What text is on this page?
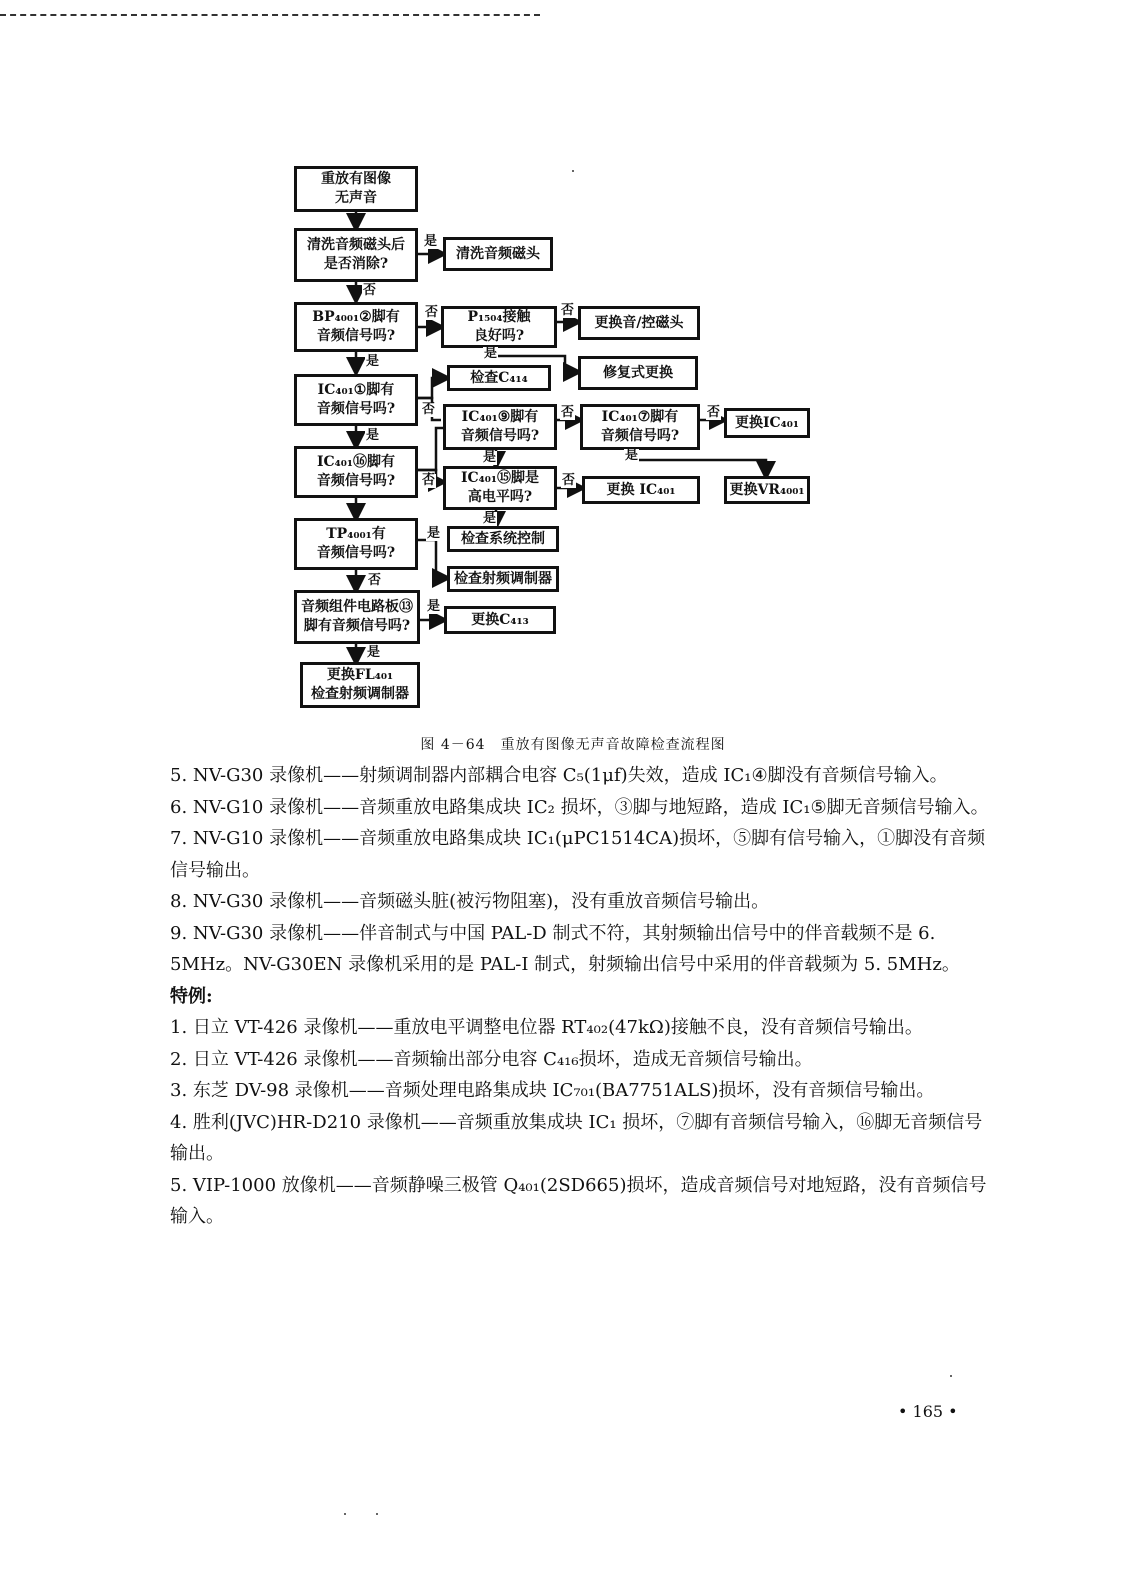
重放有图像
无声音
清洗音频磁头后
是否消除?
清洗音频磁头
BP₄₀₀₁②脚有
音频信号吗?
P₁₅₀₄接触
良好吗?
更换音/控磁头
修复式更换
IC₄₀₁①脚有
音频信号吗?
检查C₄₁₄
IC₄₀₁⑨脚有
音频信号吗?
IC₄₀₁⑦脚有
音频信号吗?
更换IC₄₀₁
IC₄₀₁⑯脚有
音频信号吗?	IC₄₀₁⑮脚是
高电平吗?	更换 IC₄₀₁	更换VR₄₀₀₁
检查系统控制
TP₄₀₀₁有
音频信号吗?
检查射频调制器
音频组件电路板⑬
脚有音频信号吗?	更换C₄₁₃
更换FL₄₀₁
检查射频调制器
是
否
否	否
是
是
否
是
否	否
是	是
否
是
否
是
否
是
是
图 4－64　重放有图像无声音故障检查流程图

5. NV-G30 录像机——射频调制器内部耦合电容 C₅(1μf)失效，造成 IC₁④脚没有音频信号输入。

6. NV-G10 录像机——音频重放电路集成块 IC₂ 损坏，③脚与地短路，造成 IC₁⑤脚无音频信号输入。

7. NV-G10 录像机——音频重放电路集成块 IC₁(μPC1514CA)损坏，⑤脚有信号输入，①脚没有音频信号输出。

8. NV-G30 录像机——音频磁头脏(被污物阻塞)，没有重放音频信号输出。

9. NV-G30 录像机——伴音制式与中国 PAL-D 制式不符，其射频输出信号中的伴音载频不是 6. 5MHz。NV-G30EN 录像机采用的是 PAL-I 制式，射频输出信号中采用的伴音载频为 5. 5MHz。

特例:

1. 日立 VT-426 录像机——重放电平调整电位器 RT₄₀₂(47kΩ)接触不良，没有音频信号输出。

2. 日立 VT-426 录像机——音频输出部分电容 C₄₁₆损坏，造成无音频信号输出。

3. 东芝 DV-98 录像机——音频处理电路集成块 IC₇₀₁(BA7751ALS)损坏，没有音频信号输出。

4. 胜利(JVC)HR-D210 录像机——音频重放集成块 IC₁ 损坏，⑦脚有音频信号输入，⑯脚无音频信号输出。

5. VIP-1000 放像机——音频静噪三极管 Q₄₀₁(2SD665)损坏，造成音频信号对地短路，没有音频信号输入。

• 165 •
